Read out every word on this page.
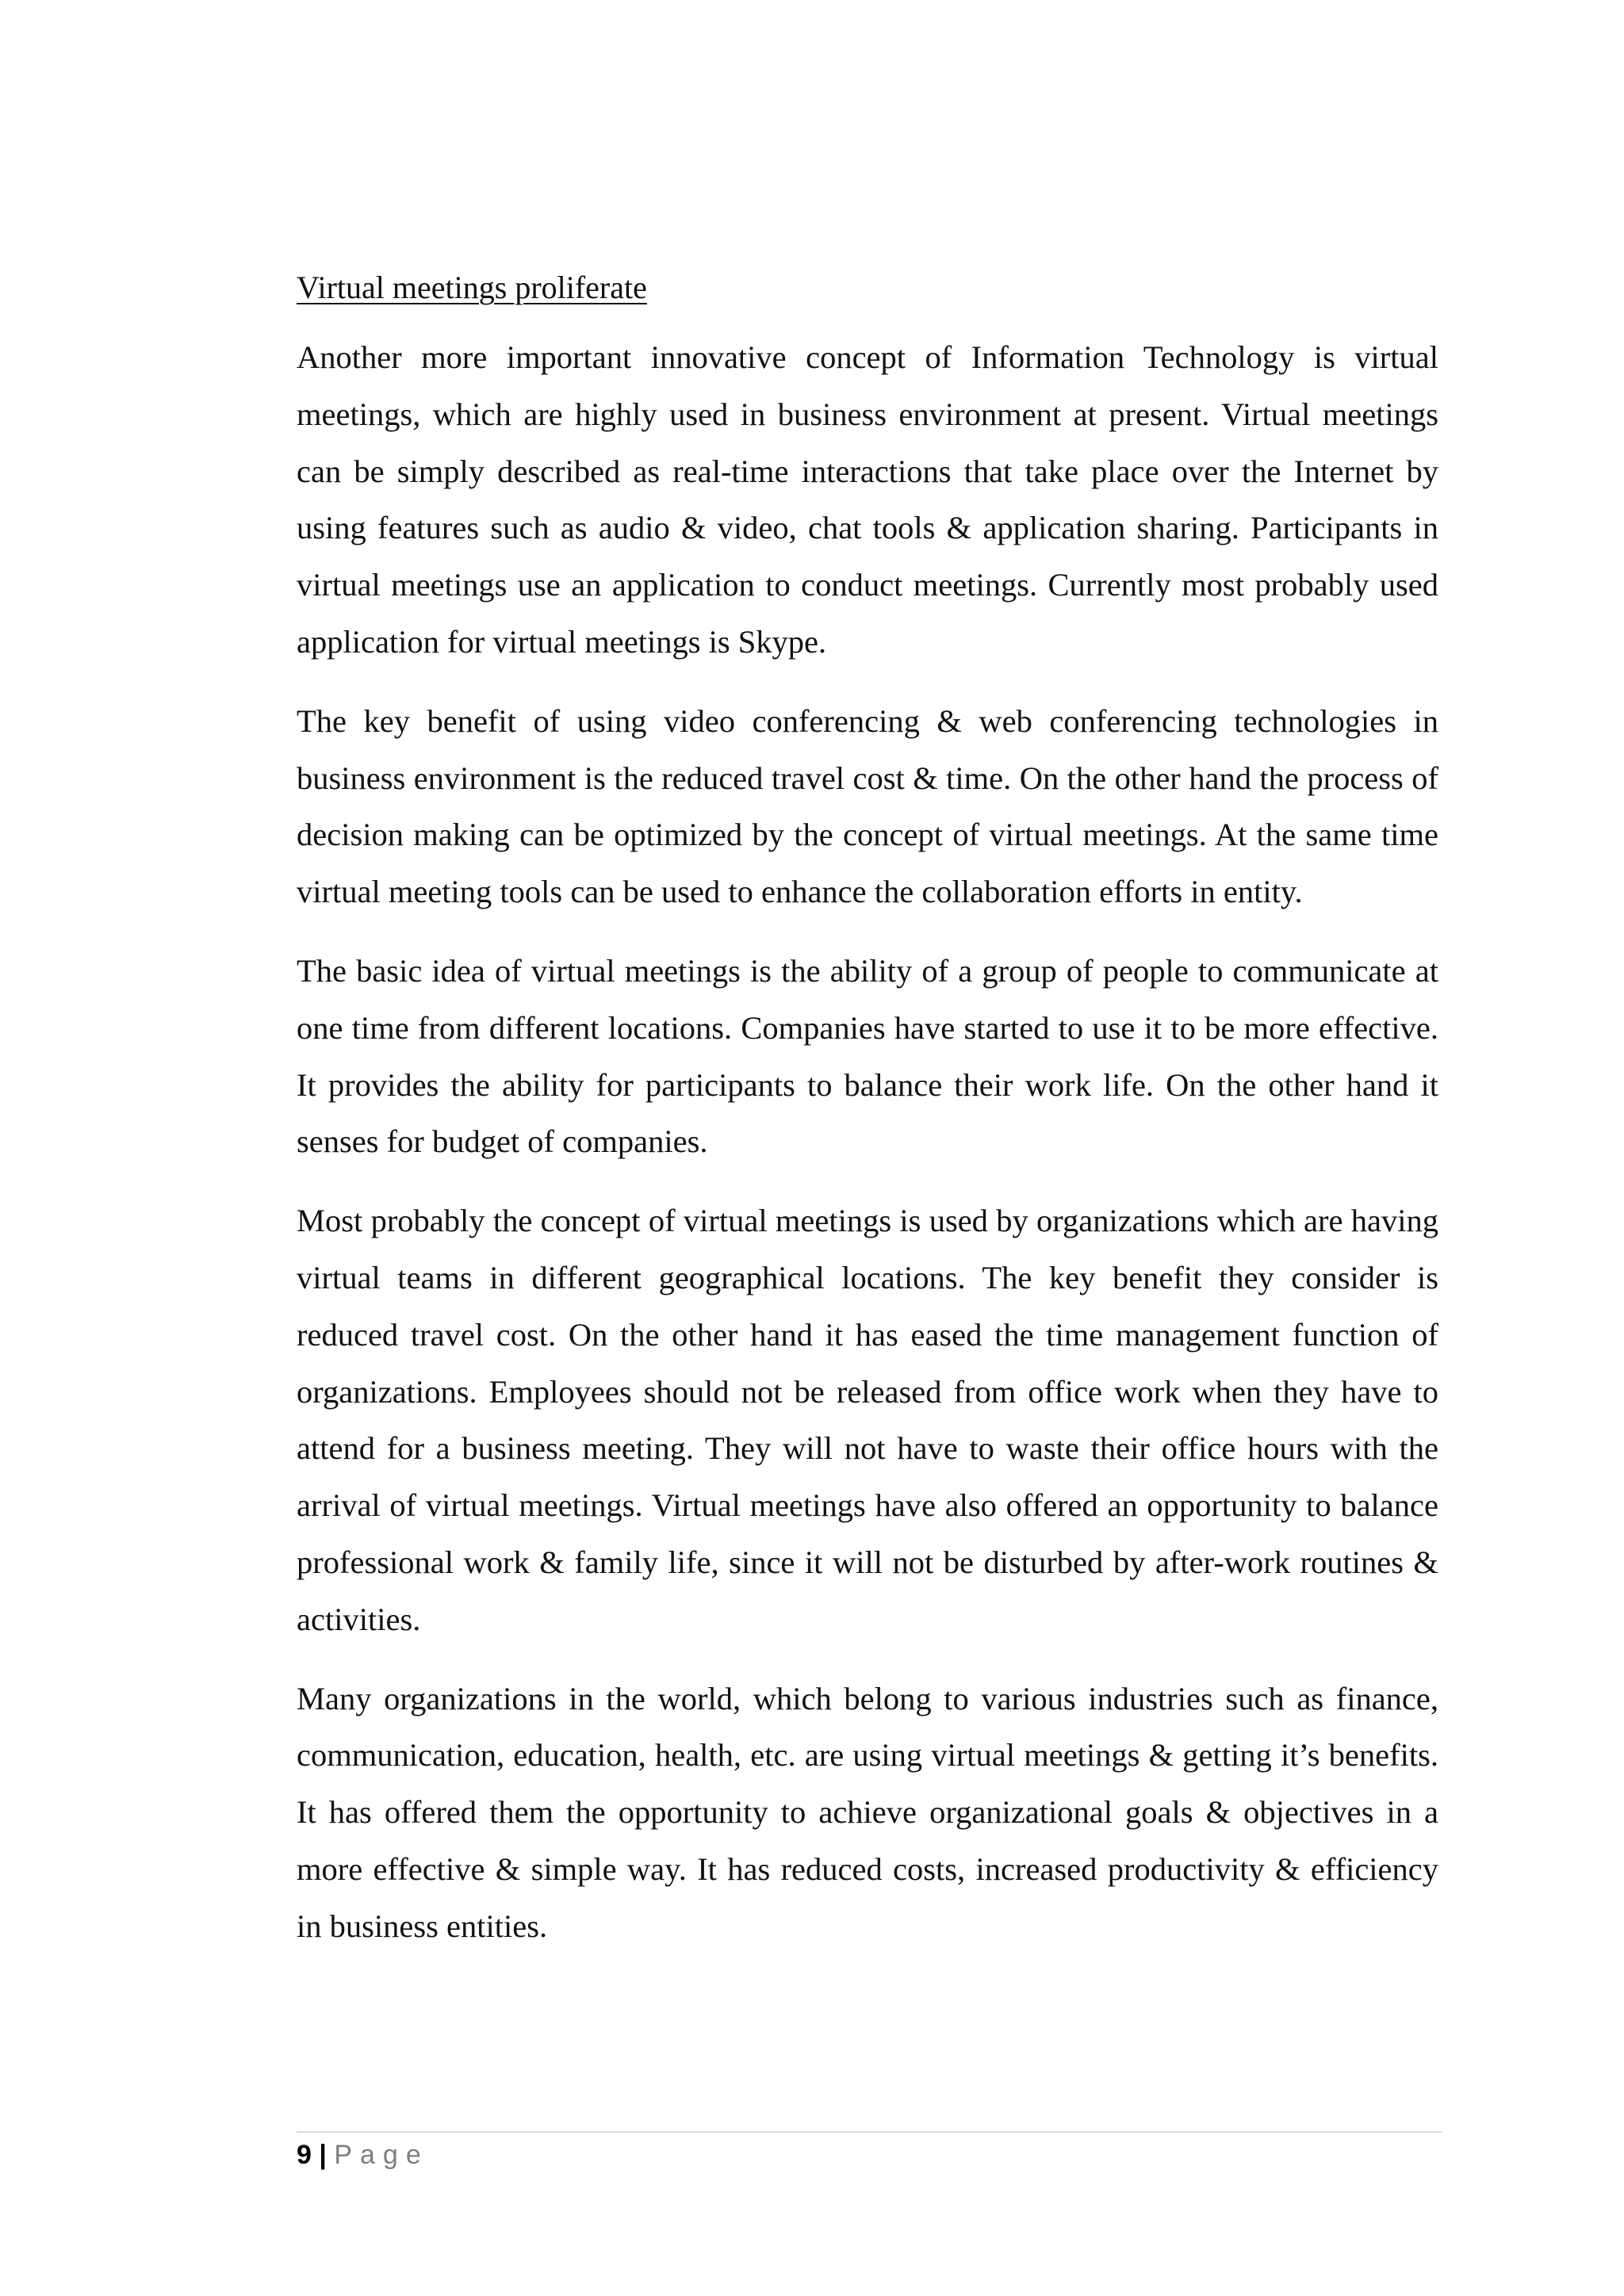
Virtual meetings proliferate

Another more important innovative concept of Information Technology is virtual meetings, which are highly used in business environment at present. Virtual meetings can be simply described as real-time interactions that take place over the Internet by using features such as audio & video, chat tools & application sharing. Participants in virtual meetings use an application to conduct meetings. Currently most probably used application for virtual meetings is Skype.

The key benefit of using video conferencing & web conferencing technologies in business environment is the reduced travel cost & time. On the other hand the process of decision making can be optimized by the concept of virtual meetings. At the same time virtual meeting tools can be used to enhance the collaboration efforts in entity.

The basic idea of virtual meetings is the ability of a group of people to communicate at one time from different locations. Companies have started to use it to be more effective. It provides the ability for participants to balance their work life. On the other hand it senses for budget of companies.

Most probably the concept of virtual meetings is used by organizations which are having virtual teams in different geographical locations. The key benefit they consider is reduced travel cost. On the other hand it has eased the time management function of organizations. Employees should not be released from office work when they have to attend for a business meeting. They will not have to waste their office hours with the arrival of virtual meetings. Virtual meetings have also offered an opportunity to balance professional work & family life, since it will not be disturbed by after-work routines & activities.

Many organizations in the world, which belong to various industries such as finance, communication, education, health, etc. are using virtual meetings & getting it’s benefits. It has offered them the opportunity to achieve organizational goals & objectives in a more effective & simple way. It has reduced costs, increased productivity & efficiency in business entities.

9 | Page
